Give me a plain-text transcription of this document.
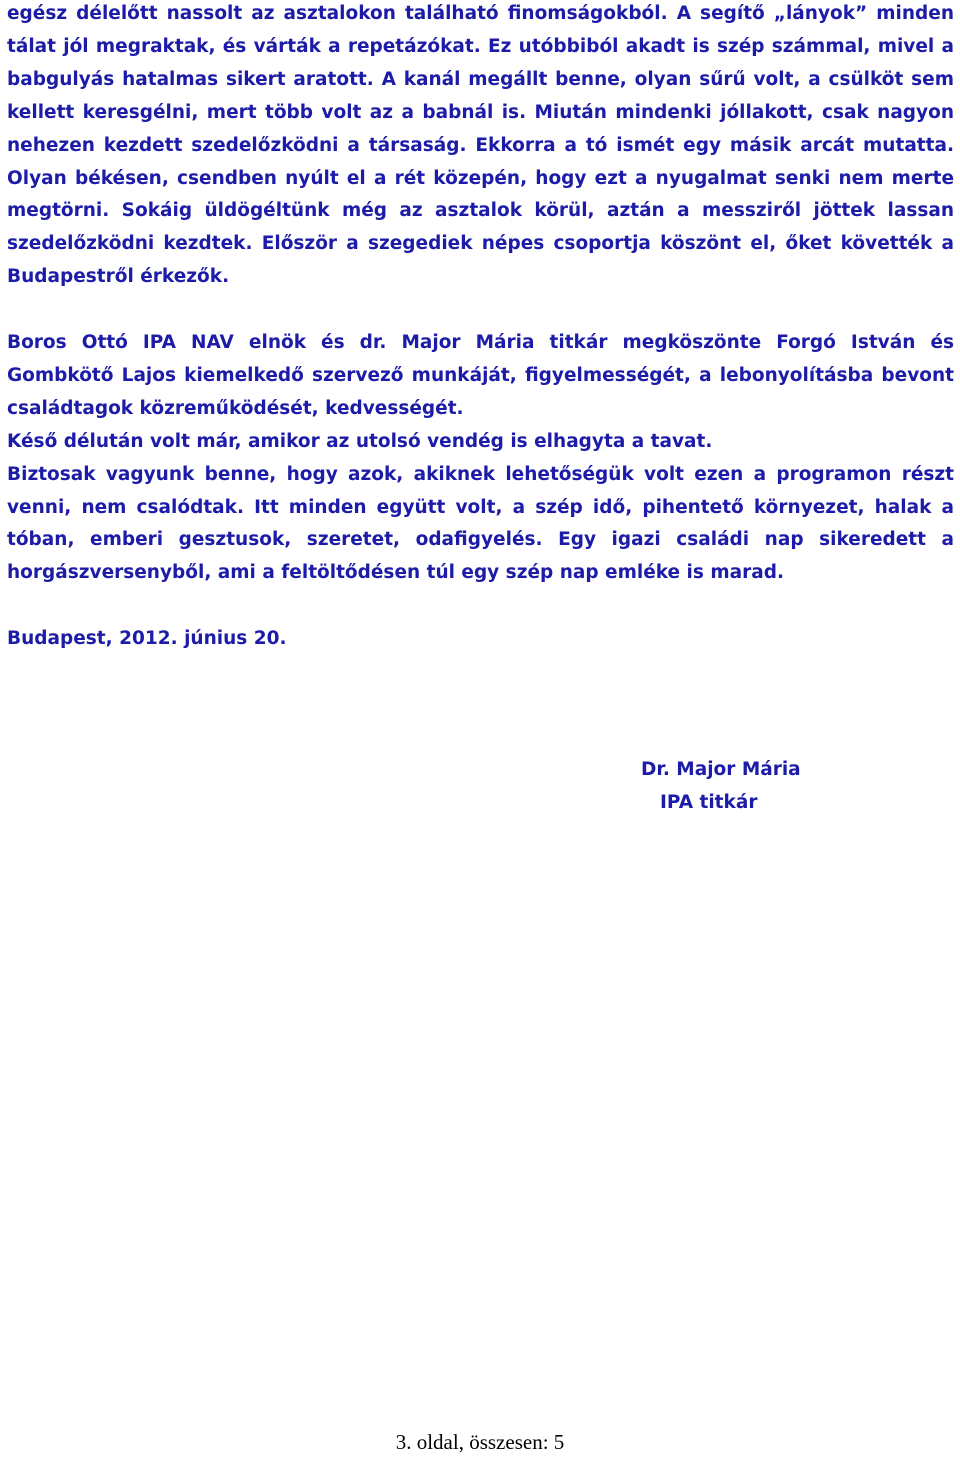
egész délelőtt nassolt az asztalokon található finomságokból. A segítő „lányok” minden tálat jól megraktak, és várták a repetázókat. Ez utóbbiból akadt is szép számmal, mivel a babgulyás hatalmas sikert aratott. A kanál megállt benne, olyan sűrű volt, a csülköt sem kellett keresgélni, mert több volt az a babnál is. Miután mindenki jóllakott, csak nagyon nehezen kezdett szedelőzködni a társaság. Ekkorra a tó ismét egy másik arcát mutatta. Olyan békésen, csendben nyúlt el a rét közepén, hogy ezt a nyugalmat senki nem merte megtörni. Sokáig üldögéltünk még az asztalok körül, aztán a messziről jöttek lassan szedelőzködni kezdtek. Először a szegediek népes csoportja köszönt el, őket követték a Budapestről érkezők.

Boros Ottó IPA NAV elnök és dr. Major Mária titkár megköszönte Forgó István és Gombkötő Lajos kiemelkedő szervező munkáját, figyelmességét, a lebonyolításba bevont családtagok közreműködését, kedvességét.

Késő délután volt már, amikor az utolsó vendég is elhagyta a tavat.

Biztosak vagyunk benne, hogy azok, akiknek lehetőségük volt ezen a programon részt venni, nem csalódtak. Itt minden együtt volt, a szép idő, pihentető környezet, halak a tóban, emberi gesztusok, szeretet, odafigyelés. Egy igazi családi nap sikeredett a horgászversenyből, ami a feltöltődésen túl egy szép nap emléke is marad.

Budapest, 2012. június 20.

Dr. Major Mária

IPA titkár

3. oldal, összesen: 5
